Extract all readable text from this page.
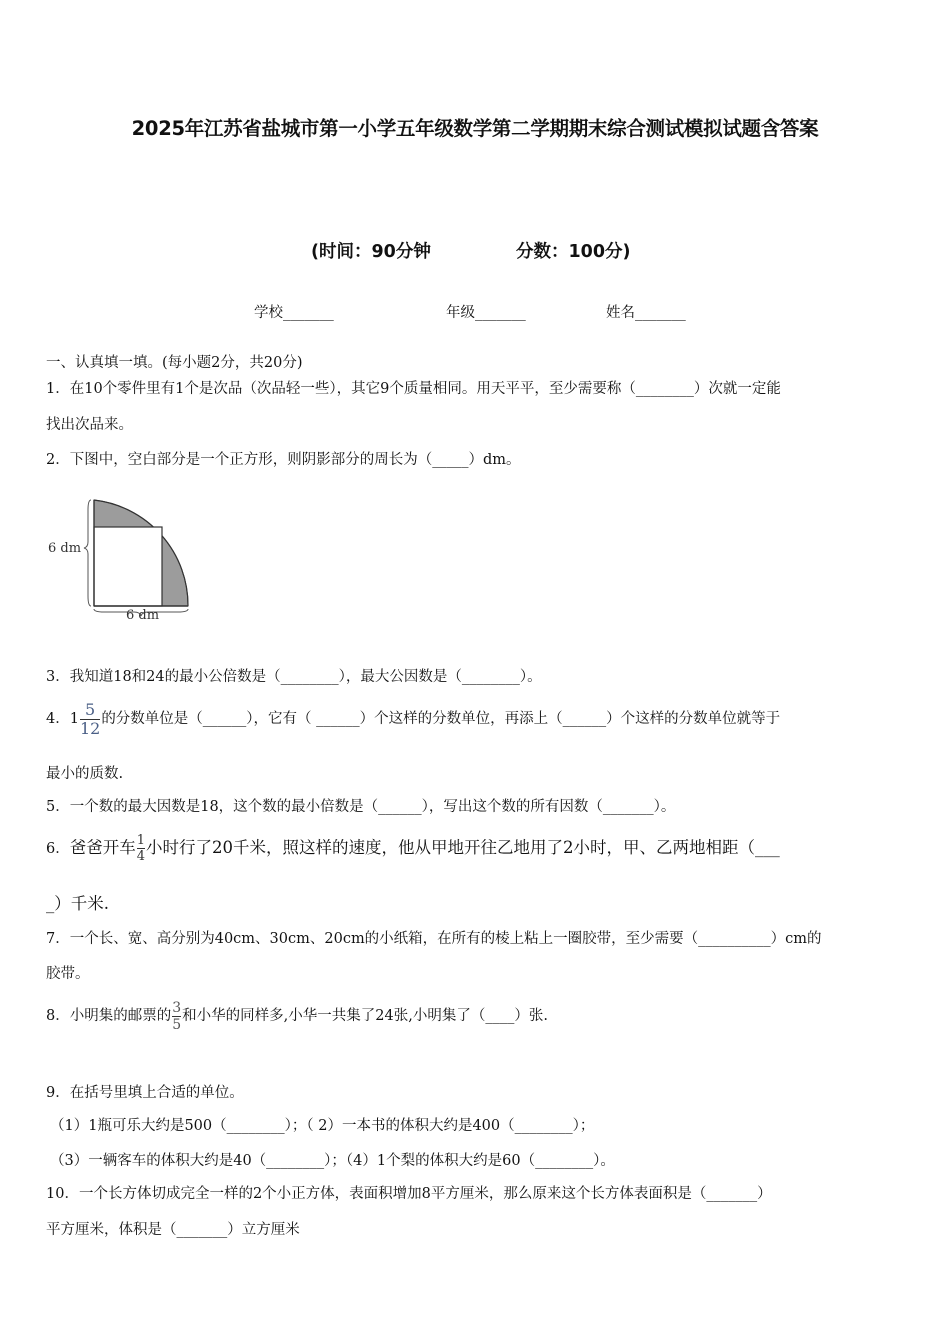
2025年江苏省盐城市第一小学五年级数学第二学期期末综合测试模拟试题含答案
(时间：90分钟	分数：100分)
学校_______	年级_______	姓名_______
一、认真填一填。(每小题2分，共20分)
1．在10个零件里有1个是次品（次品轻一些），其它9个质量相同。用天平平，至少需要称（________）次就一定能
找出次品来。
2．下图中，空白部分是一个正方形，则阴影部分的周长为（_____）dm。
6 dm
6 dm
3．我知道18和24的最小公倍数是（________），最大公因数是（________）。
4．$1 \frac{5}{12}$ 的分数单位是（______），它有（ ______）个这样的分数单位，再添上（______）个这样的分数单位就等于
最小的质数.
5．一个数的最大因数是18，这个数的最小倍数是（______），写出这个数的所有因数（_______）。
6．爸爸开车 $\frac{1}{4}$ 小时行了20千米，照这样的速度，他从甲地开往乙地用了2小时，甲、乙两地相距（___
_）千米.
7．一个长、宽、高分别为40cm、30cm、20cm的小纸箱，在所有的棱上粘上一圈胶带，至少需要（__________）cm的
胶带。
8．小明集的邮票的 $\frac{3}{5}$ 和小华的同样多,小华一共集了24张,小明集了（____）张.
9．在括号里填上合适的单位。
（1）1瓶可乐大约是500（________）；（ 2）一本书的体积大约是400（________）；
（3）一辆客车的体积大约是40（________）；（4）1个梨的体积大约是60（________）。
10．一个长方体切成完全一样的2个小正方体，表面积增加8平方厘米，那么原来这个长方体表面积是（_______）
平方厘米，体积是（_______）立方厘米
